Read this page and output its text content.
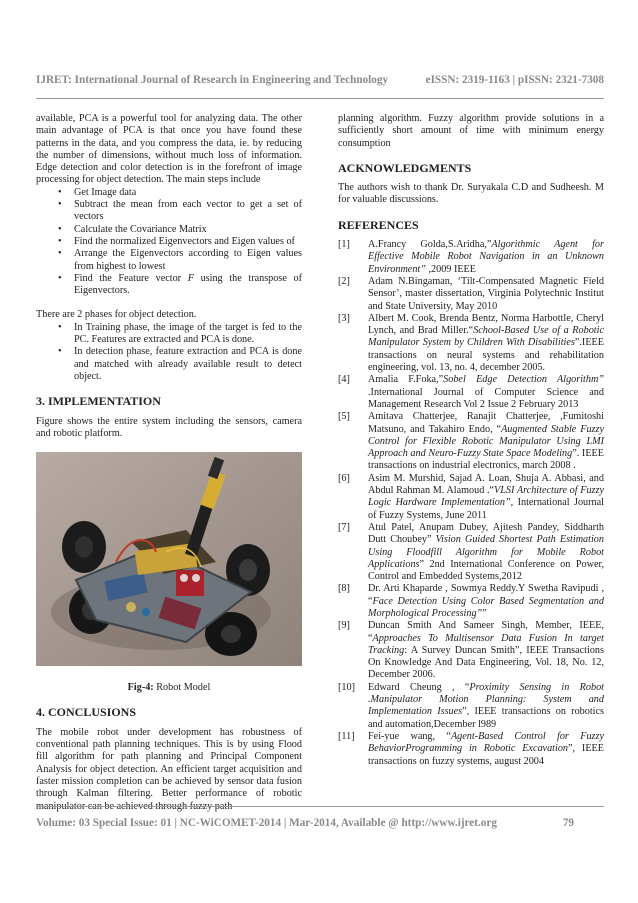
IJRET: International Journal of Research in Engineering and Technology	eISSN: 2319-1163 | pISSN: 2321-7308

available, PCA is a powerful tool for analyzing data. The other main advantage of PCA is that once you have found these patterns in the data, and you compress the data, ie. by reducing the number of dimensions, without much loss of information. Edge detection and color detection is in the forefront of image processing for object detection. The main steps include

• Get Image data
• Subtract the mean from each vector to get a set of vectors
• Calculate the Covariance Matrix
• Find the normalized Eigenvectors and Eigen values of
• Arrange the Eigenvectors according to Eigen values from highest to lowest
• Find the Feature vector F using the transpose of Eigenvectors.

There are 2 phases for object detection.

• In Training phase, the image of the target is fed to the PC. Features are extracted and PCA is done.
• In detection phase, feature extraction and PCA is done and matched with already available result to detect object.
3. IMPLEMENTATION

Figure shows the entire system including the sensors, camera and robotic platform.

Fig-4: Robot Model

4. CONCLUSIONS

The mobile robot under development has robustness of conventional path planning techniques. This is by using Flood fill algorithm for path planning and Principal Component Analysis for object detection. An efficient target acquisition and faster mission completion can be achieved by sensor data fusion through Kalman filtering. Better performance of robotic manipulator can be achieved through fuzzy path

planning algorithm. Fuzzy algorithm provide solutions in a sufficiently short amount of time with minimum energy consumption

ACKNOWLEDGMENTS

The authors wish to thank Dr. Suryakala C.D and Sudheesh. M for valuable discussions.

REFERENCES
[1] A.Francy Golda,S.Aridha,”Algorithmic Agent for Effective Mobile Robot Navigation in an Unknown Environment” ,2009 IEEE
[2] Adam N.Bingaman, ‘Tilt-Compensated Magnetic Field Sensor’, master dissertation, Virginia Polytechnic Institut and State University, May 2010
[3] Albert M. Cook, Brenda Bentz, Norma Harbottle, Cheryl Lynch, and Brad Miller.“School-Based Use of a Robotic Manipulator System by Children With Disabilities”.IEEE transactions on neural systems and rehabilitation engineering, vol. 13, no. 4, december 2005.
[4] Amalia F.Foka,”Sobel Edge Detection Algorithm” .International Journal of Computer Science and Management Research Vol 2 Issue 2 February 2013
[5] Amitava Chatterjee, Ranajit Chatterjee, ,Fumitoshi Matsuno, and Takahiro Endo, “Augmented Stable Fuzzy Control for Flexible Robotic Manipulator Using LMI Approach and Neuro-Fuzzy State Space Modeling”. IEEE transactions on industrial electronics, march 2008 .
[6] Asim M. Murshid, Sajad A. Loan, Shuja A. Abbasi, and Abdul Rahman M. Alamoud .“VLSI Architecture of Fuzzy Logic Hardware Implementation”, International Journal of Fuzzy Systems, June 2011
[7] Atul Patel, Anupam Dubey, Ajitesh Pandey, Siddharth Dutt Choubey” Vision Guided Shortest Path Estimation Using Floodfill Algorithm for Mobile Robot Applications” 2nd International Conference on Power, Control and Embedded Systems,2012
[8] Dr. Arti Khaparde , Sowmya Reddy.Y Swetha Ravipudi , “Face Detection Using Color Based Segmentation and Morphological Processing””
[9] Duncan Smith And Sameer Singh, Member, IEEE, “Approaches To Multisensor Data Fusion In target Tracking: A Survey Duncan Smith”, IEEE Transactions On Knowledge And Data Engineering, Vol. 18, No. 12, December 2006.
[10] Edward Cheung , “Proximity Sensing in Robot .Manipulator Motion Planning: System and Implementation Issues”, IEEE transactions on robotics and automation,December l989
[11] Fei-yue wang, “Agent-Based Control for Fuzzy BehaviorProgramming in Robotic Excavation”, IEEE transactions on fuzzy systems, august 2004
Volume: 03 Special Issue: 01 | NC-WiCOMET-2014 | Mar-2014, Available @ http://www.ijret.org	79
